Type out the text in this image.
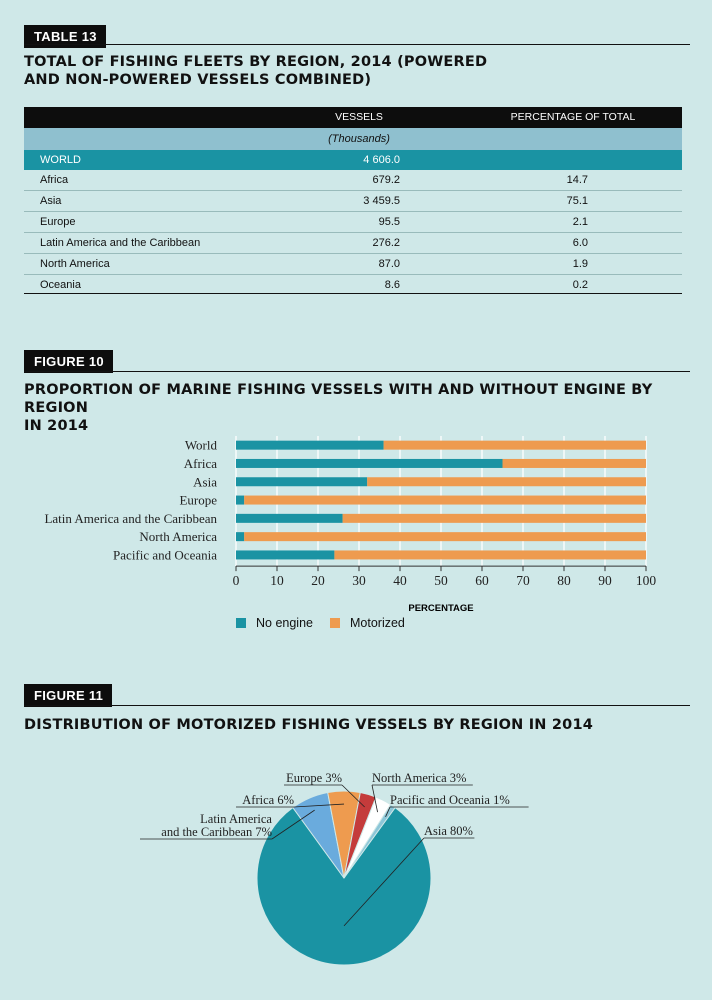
TABLE 13
TOTAL OF FISHING FLEETS BY REGION, 2014 (POWERED
AND NON-POWERED VESSELS COMBINED)
VESSELS	PERCENTAGE OF TOTAL
(Thousands)
WORLD	4 606.0
Africa	679.2	14.7
Asia	3 459.5	75.1
Europe	95.5	2.1
Latin America and the Caribbean	276.2	6.0
North America	87.0	1.9
Oceania	8.6	0.2
FIGURE 10
PROPORTION OF MARINE FISHING VESSELS WITH AND WITHOUT ENGINE BY REGION
IN 2014
World
Africa
Asia
Europe
Latin America and the Caribbean
North America
Pacific and Oceania
0 10 20 30 40 50 60 70 80 90 100
PERCENTAGE
No engine	Motorized
FIGURE 11
DISTRIBUTION OF MOTORIZED FISHING VESSELS BY REGION IN 2014
Asia 80%
Latin America and the Caribbean 7%
Africa 6%
Europe 3% North America 3%
Pacific and Oceania 1%
